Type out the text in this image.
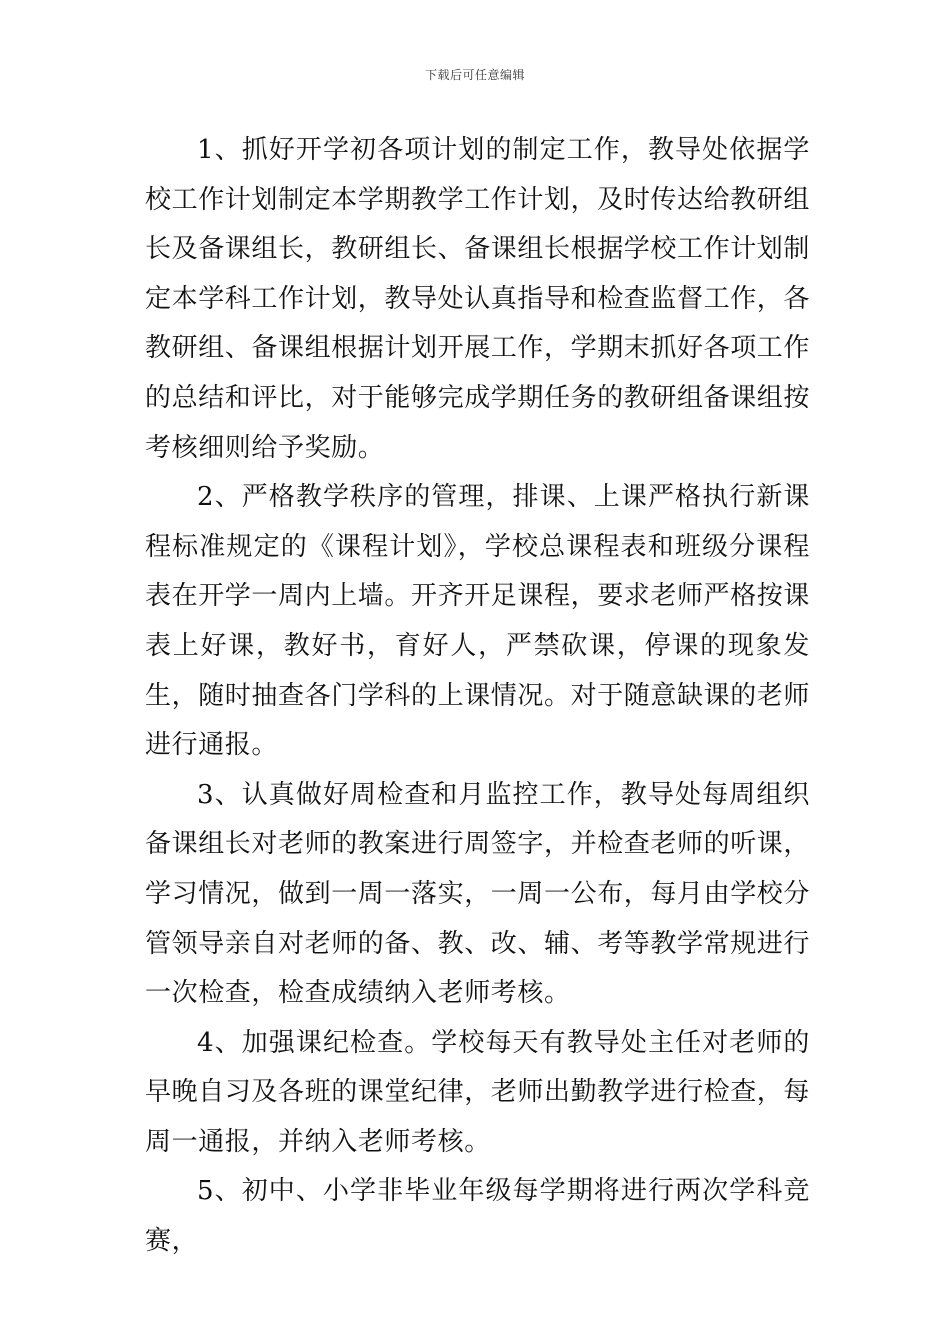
下载后可任意编辑

1、抓好开学初各项计划的制定工作，教导处依据学校工作计划制定本学期教学工作计划，及时传达给教研组长及备课组长，教研组长、备课组长根据学校工作计划制定本学科工作计划，教导处认真指导和检查监督工作，各教研组、备课组根据计划开展工作，学期末抓好各项工作的总结和评比，对于能够完成学期任务的教研组备课组按考核细则给予奖励。

2、严格教学秩序的管理，排课、上课严格执行新课程标准规定的《课程计划》，学校总课程表和班级分课程表在开学一周内上墙。开齐开足课程，要求老师严格按课表上好课，教好书，育好人，严禁砍课，停课的现象发生，随时抽查各门学科的上课情况。对于随意缺课的老师进行通报。

3、认真做好周检查和月监控工作，教导处每周组织备课组长对老师的教案进行周签字，并检查老师的听课，学习情况，做到一周一落实，一周一公布，每月由学校分管领导亲自对老师的备、教、改、辅、考等教学常规进行一次检查，检查成绩纳入老师考核。

4、加强课纪检查。学校每天有教导处主任对老师的早晚自习及各班的课堂纪律，老师出勤教学进行检查，每周一通报，并纳入老师考核。

5、初中、小学非毕业年级每学期将进行两次学科竞赛，
